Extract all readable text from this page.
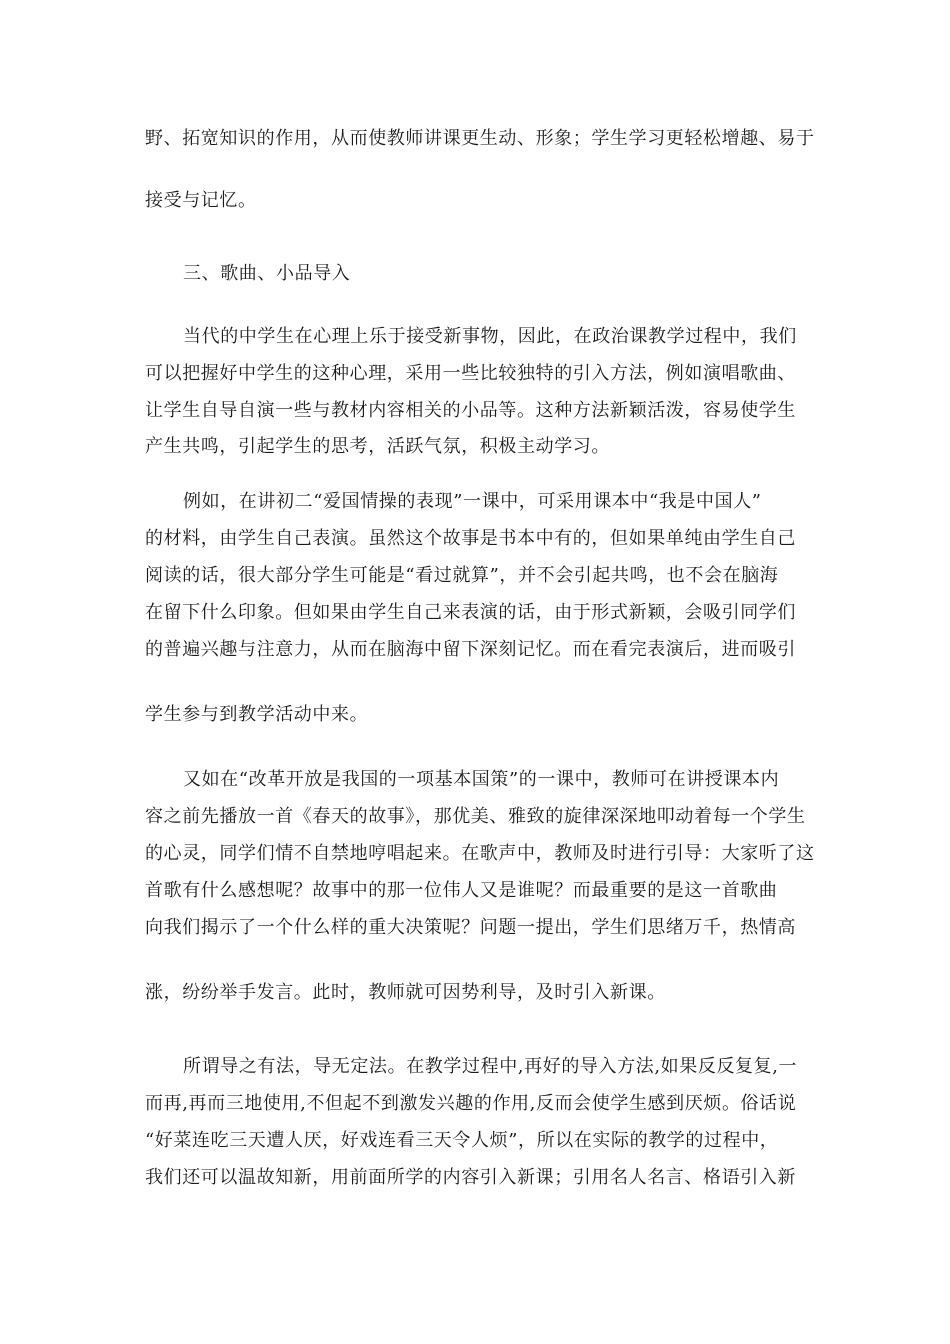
野、拓宽知识的作用，从而使教师讲课更生动、形象；学生学习更轻松增趣、易于
接受与记忆。
三、歌曲、小品导入
当代的中学生在心理上乐于接受新事物，因此，在政治课教学过程中，我们
可以把握好中学生的这种心理，采用一些比较独特的引入方法，例如演唱歌曲、
让学生自导自演一些与教材内容相关的小品等。这种方法新颖活泼，容易使学生
产生共鸣，引起学生的思考，活跃气氛，积极主动学习。
例如，在讲初二“爱国情操的表现”一课中，可采用课本中“我是中国人”
的材料，由学生自己表演。虽然这个故事是书本中有的，但如果单纯由学生自己
阅读的话，很大部分学生可能是“看过就算”，并不会引起共鸣，也不会在脑海
在留下什么印象。但如果由学生自己来表演的话，由于形式新颖，会吸引同学们
的普遍兴趣与注意力，从而在脑海中留下深刻记忆。而在看完表演后，进而吸引
学生参与到教学活动中来。
又如在“改革开放是我国的一项基本国策”的一课中，教师可在讲授课本内
容之前先播放一首《春天的故事》，那优美、雅致的旋律深深地叩动着每一个学生
的心灵，同学们情不自禁地哼唱起来。在歌声中，教师及时进行引导：大家听了这
首歌有什么感想呢？故事中的那一位伟人又是谁呢？而最重要的是这一首歌曲
向我们揭示了一个什么样的重大决策呢？问题一提出，学生们思绪万千，热情高
涨，纷纷举手发言。此时，教师就可因势利导，及时引入新课。
所谓导之有法，导无定法。在教学过程中,再好的导入方法,如果反反复复,一
而再,再而三地使用,不但起不到激发兴趣的作用,反而会使学生感到厌烦。俗话说
“好菜连吃三天遭人厌，好戏连看三天令人烦”，所以在实际的教学的过程中，
我们还可以温故知新，用前面所学的内容引入新课；引用名人名言、格语引入新
